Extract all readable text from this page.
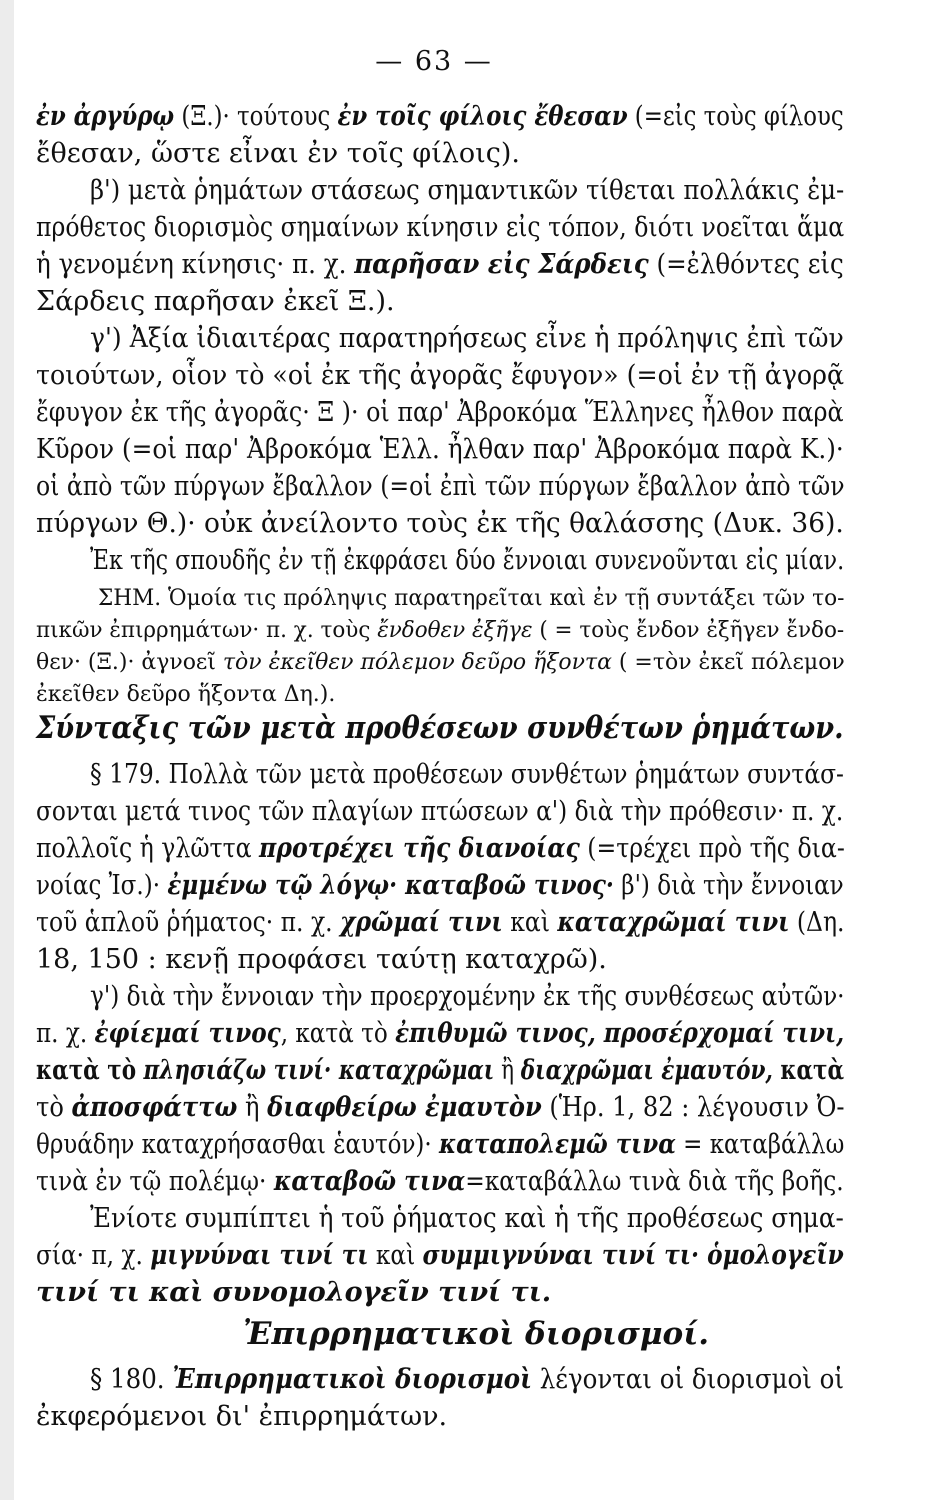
— 63 —
ἐν ἀργύρῳ (Ξ.)· τούτους ἐν τοῖς φίλοις ἔθεσαν (=εἰς τοὺς φίλους
ἔθεσαν, ὥστε εἶναι ἐν τοῖς φίλοις).
β') μετὰ ῥημάτων στάσεως σημαντικῶν τίθεται πολλάκις ἐμ-
πρόθετος διορισμὸς σημαίνων κίνησιν εἰς τόπον, διότι νοεῖται ἅμα
ἡ γενομένη κίνησις· π. χ. παρῆσαν εἰς Σάρδεις (=ἐλθόντες εἰς
Σάρδεις παρῆσαν ἐκεῖ Ξ.).
γ') Ἀξία ἰδιαιτέρας παρατηρήσεως εἶνε ἡ πρόληψις ἐπὶ τῶν
τοιούτων, οἷον τὸ «οἱ ἐκ τῆς ἀγορᾶς ἔφυγον» (=οἱ ἐν τῇ ἀγορᾷ
ἔφυγον ἐκ τῆς ἀγορᾶς· Ξ )· οἱ παρ' Ἀβροκόμα Ἕλληνες ἦλθον παρὰ
Κῦρον (=οἱ παρ' Ἀβροκόμα Ἑλλ. ἦλθαν παρ' Ἀβροκόμα παρὰ Κ.)·
οἱ ἀπὸ τῶν πύργων ἔβαλλον (=οἱ ἐπὶ τῶν πύργων ἔβαλλον ἀπὸ τῶν
πύργων Θ.)· οὐκ ἀνείλοντο τοὺς ἐκ τῆς θαλάσσης (Δυκ. 36).
Ἐκ τῆς σπουδῆς ἐν τῇ ἐκφράσει δύο ἔννοιαι συνενοῦνται εἰς μίαν.
ΣΗΜ. Ὁμοία τις πρόληψις παρατηρεῖται καὶ ἐν τῇ συντάξει τῶν το-
πικῶν ἐπιρρημάτων· π. χ. τοὺς ἔνδοθεν ἐξῆγε ( = τοὺς ἔνδον ἐξῆγεν ἔνδο-
θεν· (Ξ.)· ἀγνοεῖ τὸν ἐκεῖθεν πόλεμον δεῦρο ἥξοντα ( =τὸν ἐκεῖ πόλεμον
ἐκεῖθεν δεῦρο ἥξοντα Δη.).
§ 179. Πολλὰ τῶν μετὰ προθέσεων συνθέτων ῥημάτων συντάσ-
σονται μετά τινος τῶν πλαγίων πτώσεων α') διὰ τὴν πρόθεσιν· π. χ.
πολλοῖς ἡ γλῶττα προτρέχει τῆς διανοίας (=τρέχει πρὸ τῆς δια-
νοίας Ἰσ.)· ἐμμένω τῷ λόγῳ· καταβοῶ τινος· β') διὰ τὴν ἔννοιαν
τοῦ ἁπλοῦ ῥήματος· π. χ. χρῶμαί τινι καὶ καταχρῶμαί τινι (Δη.
18, 150 : κενῇ προφάσει ταύτῃ καταχρῶ).
γ') διὰ τὴν ἔννοιαν τὴν προερχομένην ἐκ τῆς συνθέσεως αὐτῶν·
π. χ. ἐφίεμαί τινος, κατὰ τὸ ἐπιθυμῶ τινος, προσέρχομαί τινι,
κατὰ τὸ πλησιάζω τινί· καταχρῶμαι ἢ διαχρῶμαι ἐμαυτόν, κατὰ
τὸ ἀποσφάττω ἢ διαφθείρω ἐμαυτὸν (Ἡρ. 1, 82 : λέγουσιν Ὀ-
θρυάδην καταχρήσασθαι ἑαυτόν)· καταπολεμῶ τινα = καταβάλλω
τινὰ ἐν τῷ πολέμῳ· καταβοῶ τινα=καταβάλλω τινὰ διὰ τῆς βοῆς.
Ἐνίοτε συμπίπτει ἡ τοῦ ῥήματος καὶ ἡ τῆς προθέσεως σημα-
σία· π, χ. μιγνύναι τινί τι καὶ συμμιγνύναι τινί τι· ὁμολογεῖν
τινί τι καὶ συνομολογεῖν τινί τι.
§ 180. Ἐπιρρηματικοὶ διορισμοὶ λέγονται οἱ διορισμοὶ οἱ
ἐκφερόμενοι δι' ἐπιρρημάτων.
Σύνταξις τῶν μετὰ προθέσεων συνθέτων ῥημάτων.
Ἐπιρρηματικοὶ διορισμοί.
